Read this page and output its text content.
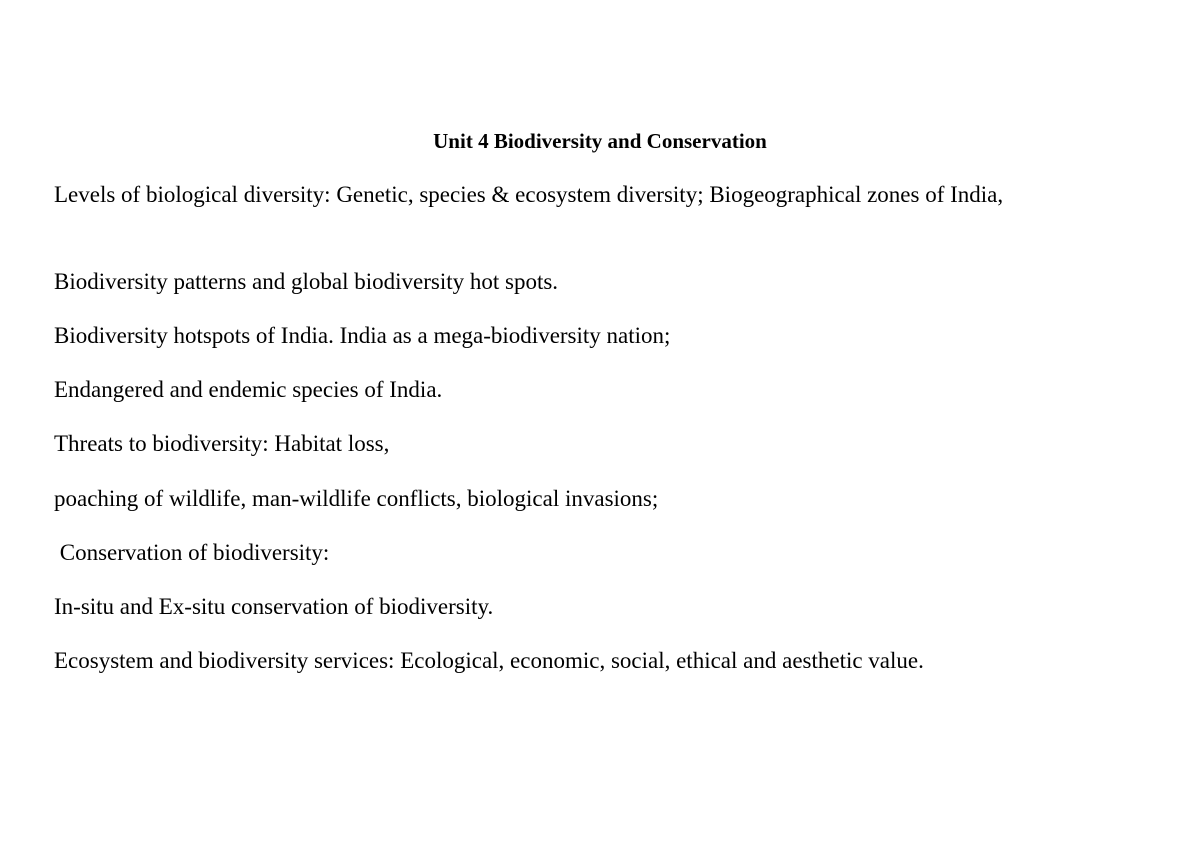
Unit 4 Biodiversity and Conservation

Levels of biological diversity: Genetic, species & ecosystem diversity; Biogeographical zones of India,

Biodiversity patterns and global biodiversity hot spots.

Biodiversity hotspots of India. India as a mega-biodiversity nation;

Endangered and endemic species of India.

Threats to biodiversity: Habitat loss,

poaching of wildlife, man-wildlife conflicts, biological invasions;

Conservation of biodiversity:

In-situ and Ex-situ conservation of biodiversity.

Ecosystem and biodiversity services: Ecological, economic, social, ethical and aesthetic value.
